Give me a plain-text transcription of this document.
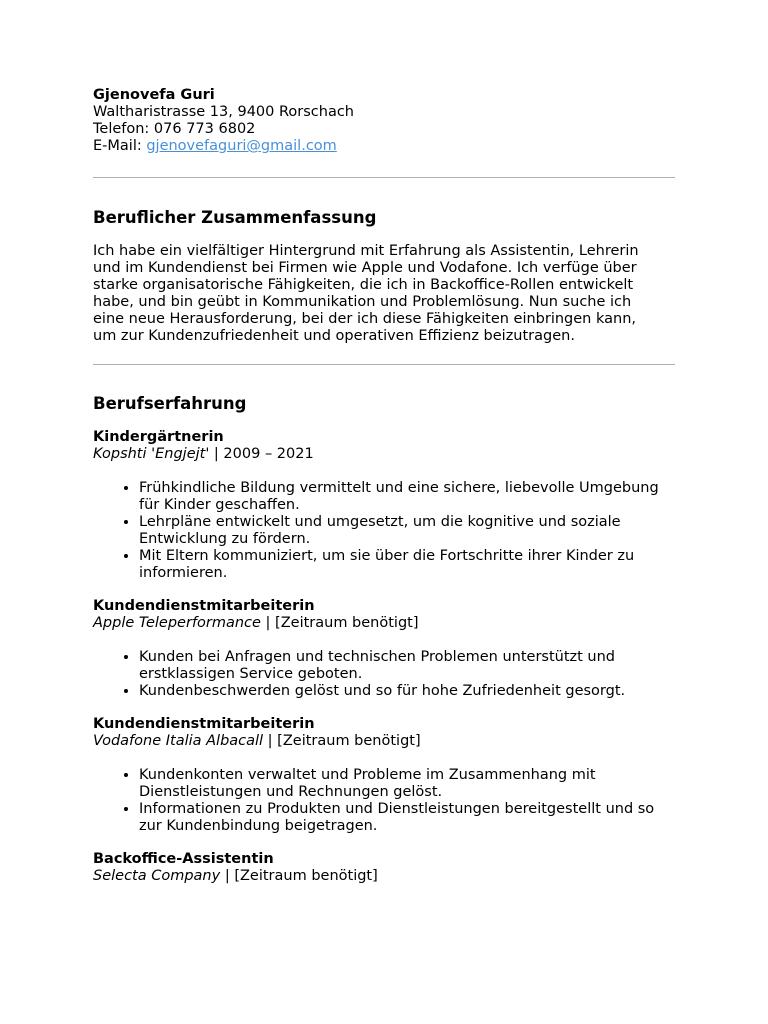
Gjenovefa Guri

Waltharistrasse 13, 9400 Rorschach

Telefon: 076 773 6802

E-Mail: gjenovefaguri@gmail.com

Beruflicher Zusammenfassung

Ich habe ein vielfältiger Hintergrund mit Erfahrung als Assistentin, Lehrerin und im Kundendienst bei Firmen wie Apple und Vodafone. Ich verfüge über starke organisatorische Fähigkeiten, die ich in Backoffice-Rollen entwickelt habe, und bin geübt in Kommunikation und Problemlösung. Nun suche ich eine neue Herausforderung, bei der ich diese Fähigkeiten einbringen kann, um zur Kundenzufriedenheit und operativen Effizienz beizutragen.

Berufserfahrung

Kindergärtnerin

Kopshti 'Engjejt' | 2009 – 2021

• Frühkindliche Bildung vermittelt und eine sichere, liebevolle Umgebung für Kinder geschaffen.
• Lehrpläne entwickelt und umgesetzt, um die kognitive und soziale Entwicklung zu fördern.
• Mit Eltern kommuniziert, um sie über die Fortschritte ihrer Kinder zu informieren.

Kundendienstmitarbeiterin

Apple Teleperformance | [Zeitraum benötigt]

• Kunden bei Anfragen und technischen Problemen unterstützt und erstklassigen Service geboten.
• Kundenbeschwerden gelöst und so für hohe Zufriedenheit gesorgt.

Kundendienstmitarbeiterin

Vodafone Italia Albacall | [Zeitraum benötigt]

• Kundenkonten verwaltet und Probleme im Zusammenhang mit Dienstleistungen und Rechnungen gelöst.
• Informationen zu Produkten und Dienstleistungen bereitgestellt und so zur Kundenbindung beigetragen.

Backoffice-Assistentin

Selecta Company | [Zeitraum benötigt]
